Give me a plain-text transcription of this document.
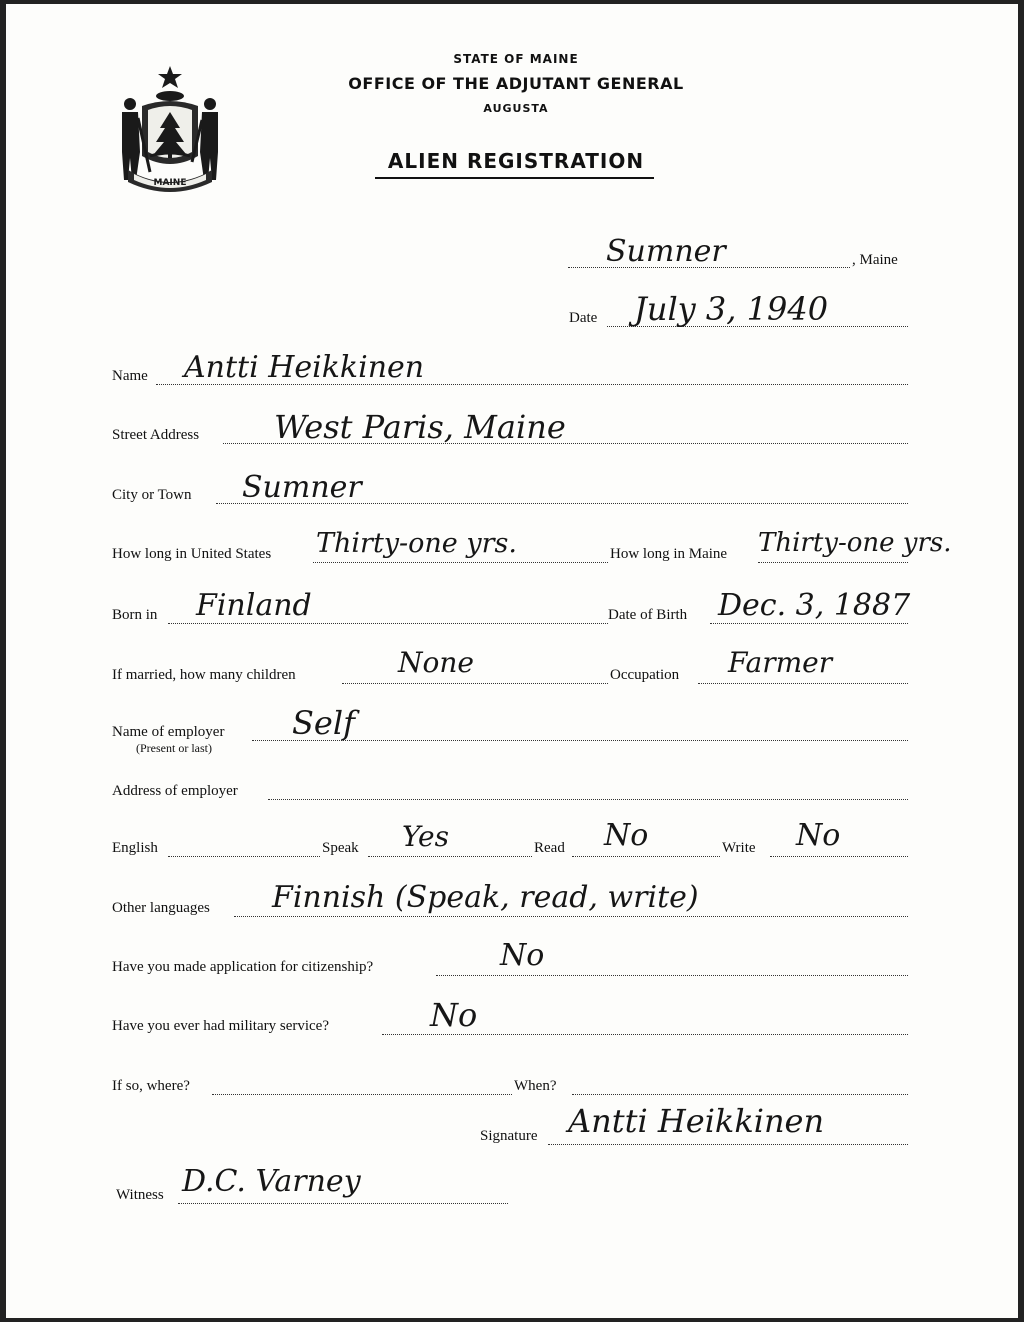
MAINE
STATE OF MAINE
OFFICE OF THE ADJUTANT GENERAL
AUGUSTA
ALIEN REGISTRATION
Sumner	, Maine
Date July 3, 1940
Name Antti Heikkinen
Street Address West Paris, Maine
City or Town Sumner
How long in United States Thirty-one yrs.	How long in Maine Thirty-one yrs.
Born in Finland	Date of Birth Dec. 3, 1887
If married, how many children	None	Occupation Farmer
Name of employer
(Present or last)
Self
Address of employer
English	Speak Yes	Read No	Write No
Other languages Finnish (Speak, read, write)
Have you made application for citizenship?	No
Have you ever had military service?	No
If so, where?	When?
Signature Antti Heikkinen
Witness D.C. Varney
